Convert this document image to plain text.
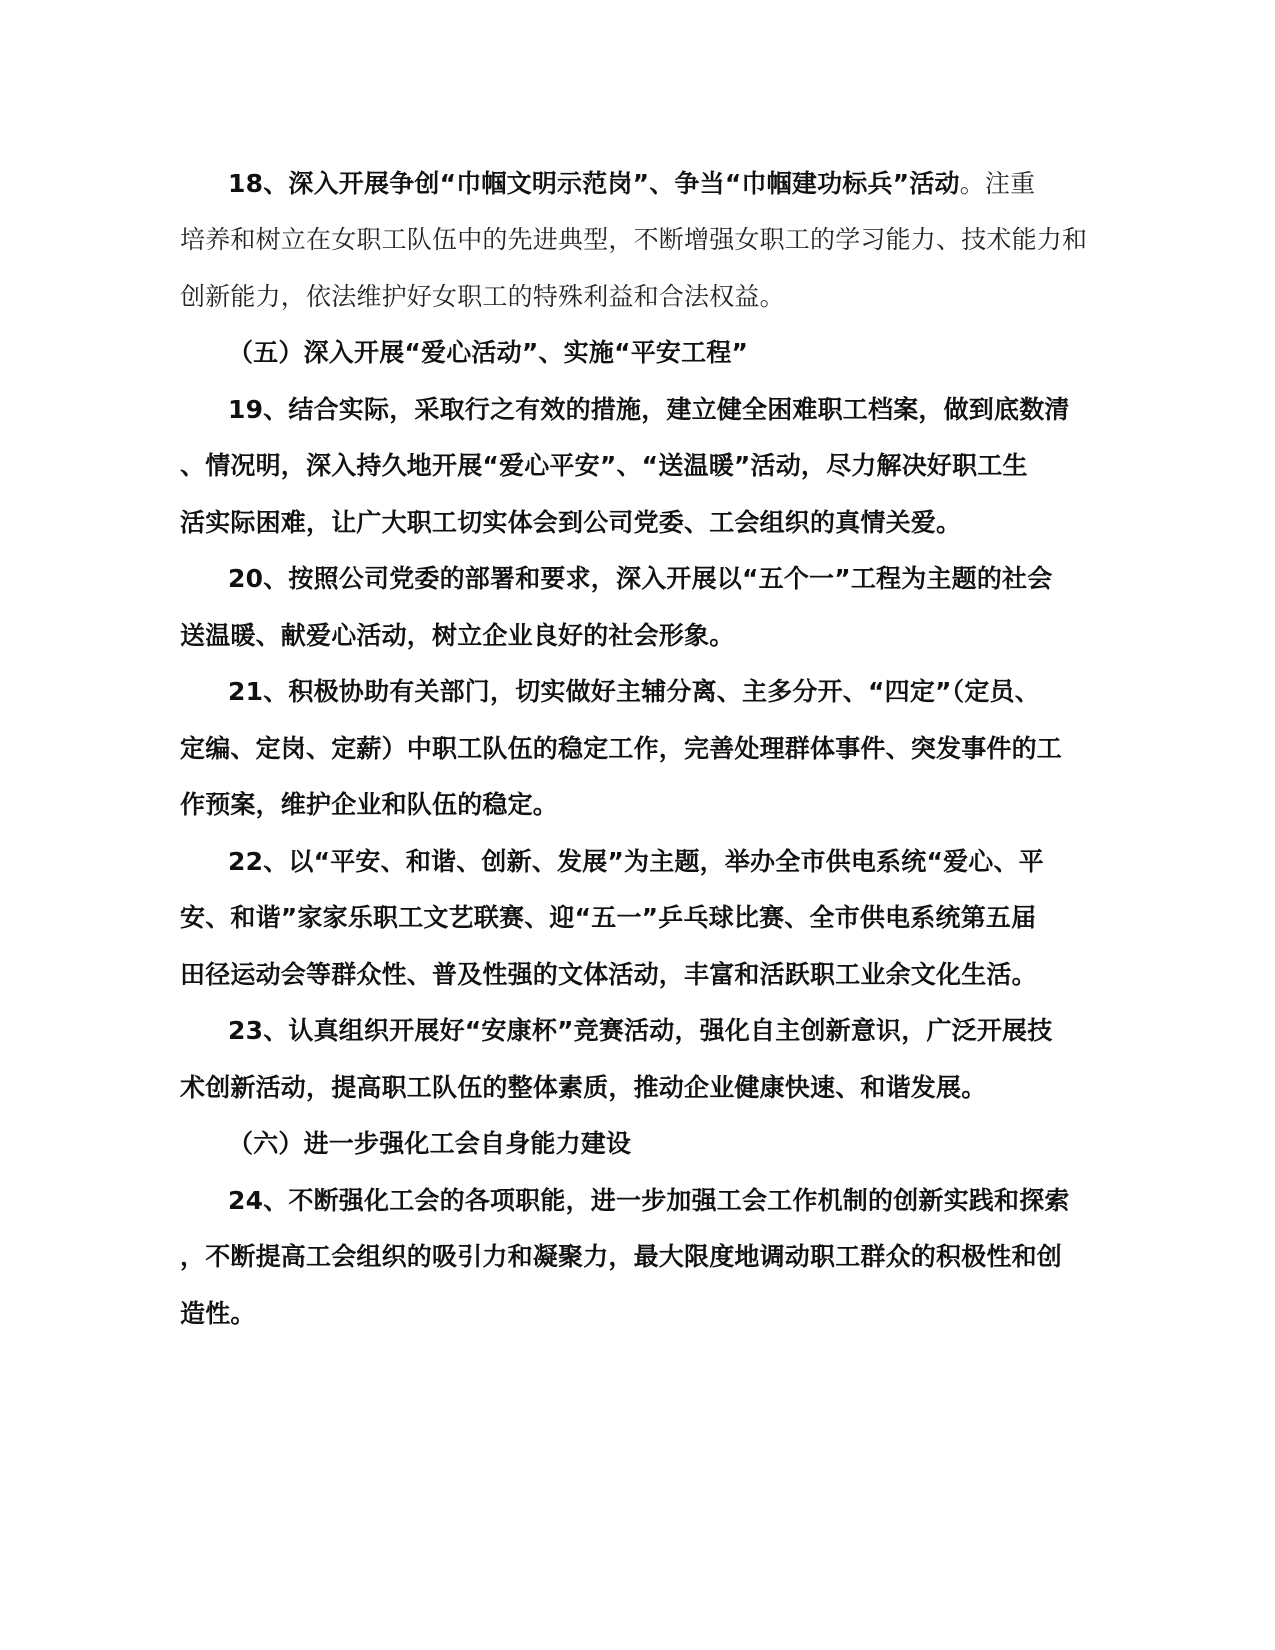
18、深入开展争创“巾帼文明示范岗”、争当“巾帼建功标兵”活动。注重
培养和树立在女职工队伍中的先进典型，不断增强女职工的学习能力、技术能力和
创新能力，依法维护好女职工的特殊利益和合法权益。
（五）深入开展“爱心活动”、实施“平安工程”
19、结合实际，采取行之有效的措施，建立健全困难职工档案，做到底数清
、情况明，深入持久地开展“爱心平安”、“送温暖”活动，尽力解决好职工生
活实际困难，让广大职工切实体会到公司党委、工会组织的真情关爱。
20、按照公司党委的部署和要求，深入开展以“五个一”工程为主题的社会
送温暖、献爱心活动，树立企业良好的社会形象。
21、积极协助有关部门，切实做好主辅分离、主多分开、“四定”（定员、
定编、定岗、定薪）中职工队伍的稳定工作，完善处理群体事件、突发事件的工
作预案，维护企业和队伍的稳定。
22、以“平安、和谐、创新、发展”为主题，举办全市供电系统“爱心、平
安、和谐”家家乐职工文艺联赛、迎“五一”乒乓球比赛、全市供电系统第五届
田径运动会等群众性、普及性强的文体活动，丰富和活跃职工业余文化生活。
23、认真组织开展好“安康杯”竞赛活动，强化自主创新意识，广泛开展技
术创新活动，提高职工队伍的整体素质，推动企业健康快速、和谐发展。
（六）进一步强化工会自身能力建设
24、不断强化工会的各项职能，进一步加强工会工作机制的创新实践和探索
，不断提高工会组织的吸引力和凝聚力，最大限度地调动职工群众的积极性和创
造性。
